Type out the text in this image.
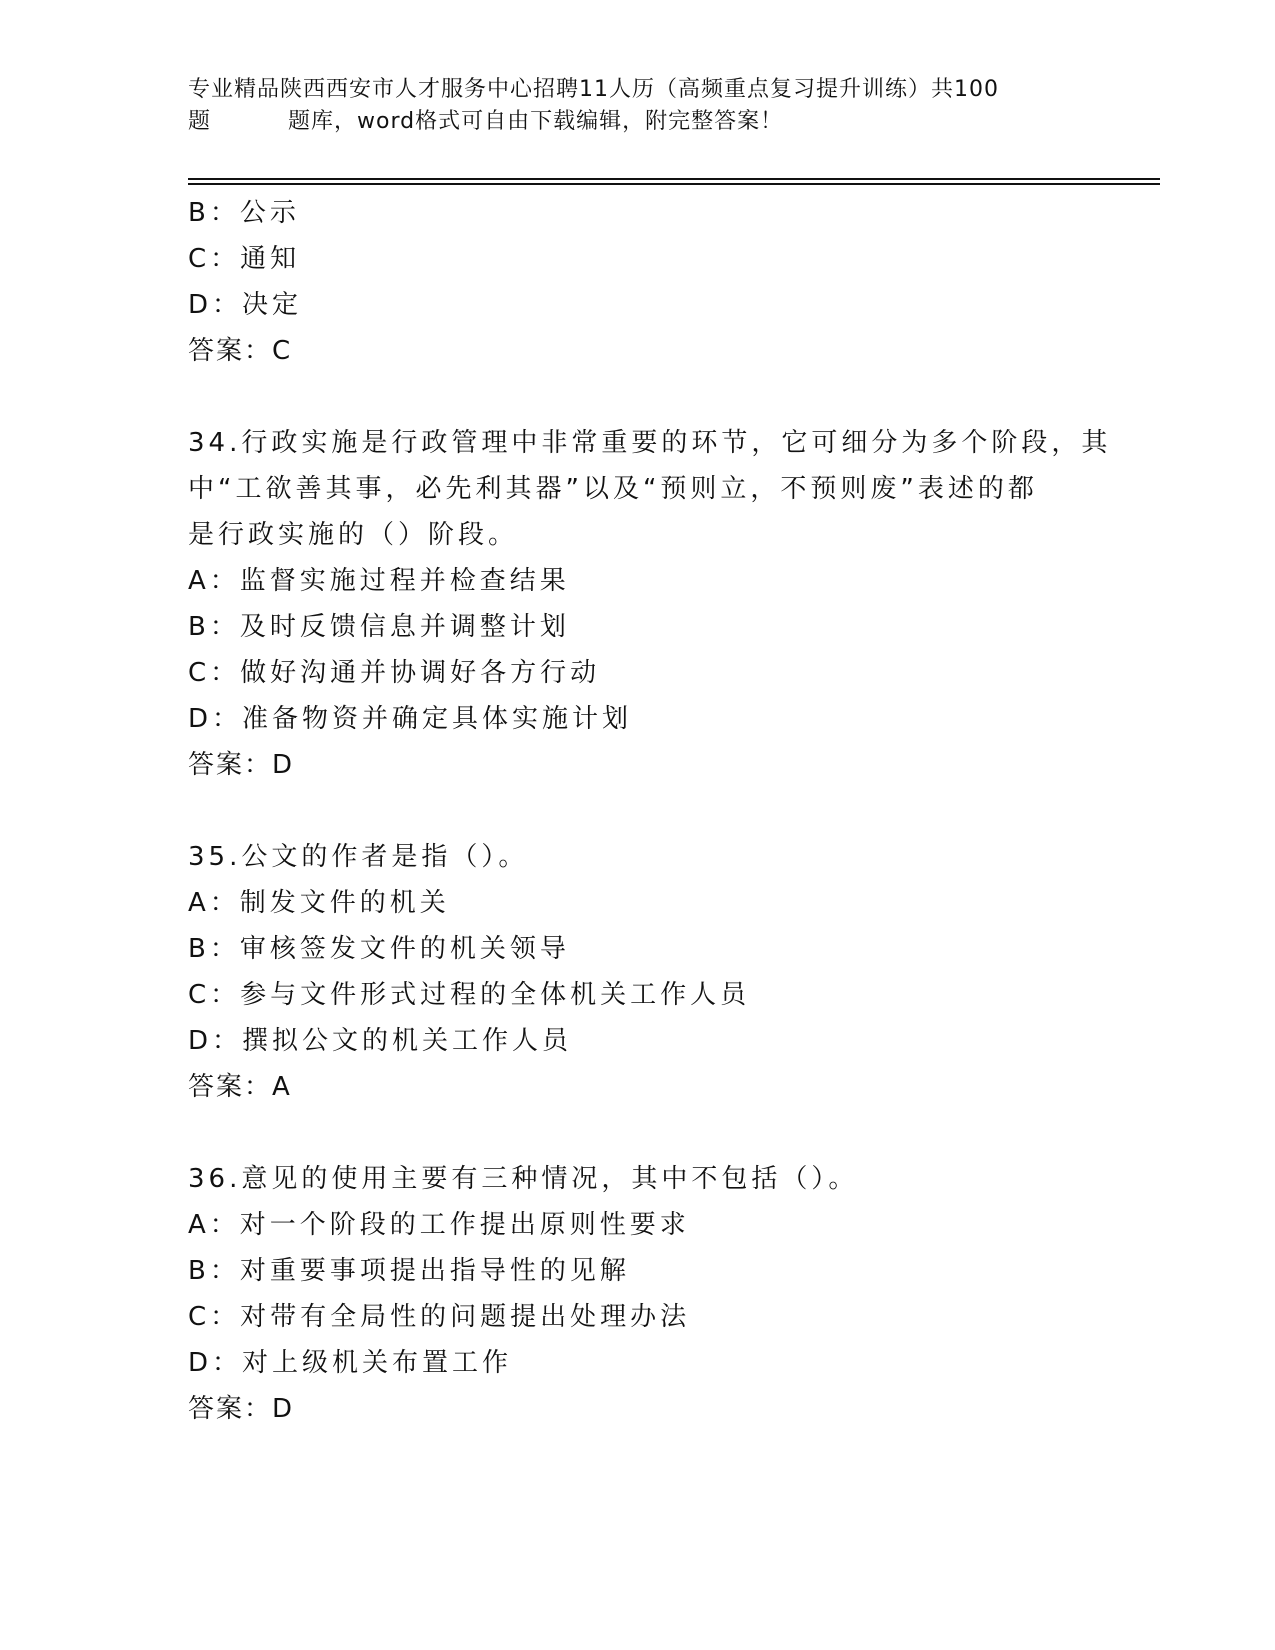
专业精品陕西西安市人才服务中心招聘11人历（高频重点复习提升训练）共100
题	题库，word格式可自由下载编辑，附完整答案！
B：公示
C：通知
D：决定
答案：C
34.行政实施是行政管理中非常重要的环节，它可细分为多个阶段，其
中“工欲善其事，必先利其器”以及“预则立，不预则废”表述的都
是行政实施的（）阶段。
A：监督实施过程并检查结果
B：及时反馈信息并调整计划
C：做好沟通并协调好各方行动
D：准备物资并确定具体实施计划
答案：D
35.公文的作者是指（）。
A：制发文件的机关
B：审核签发文件的机关领导
C：参与文件形式过程的全体机关工作人员
D：撰拟公文的机关工作人员
答案：A
36.意见的使用主要有三种情况，其中不包括（）。
A：对一个阶段的工作提出原则性要求
B：对重要事项提出指导性的见解
C：对带有全局性的问题提出处理办法
D：对上级机关布置工作
答案：D
